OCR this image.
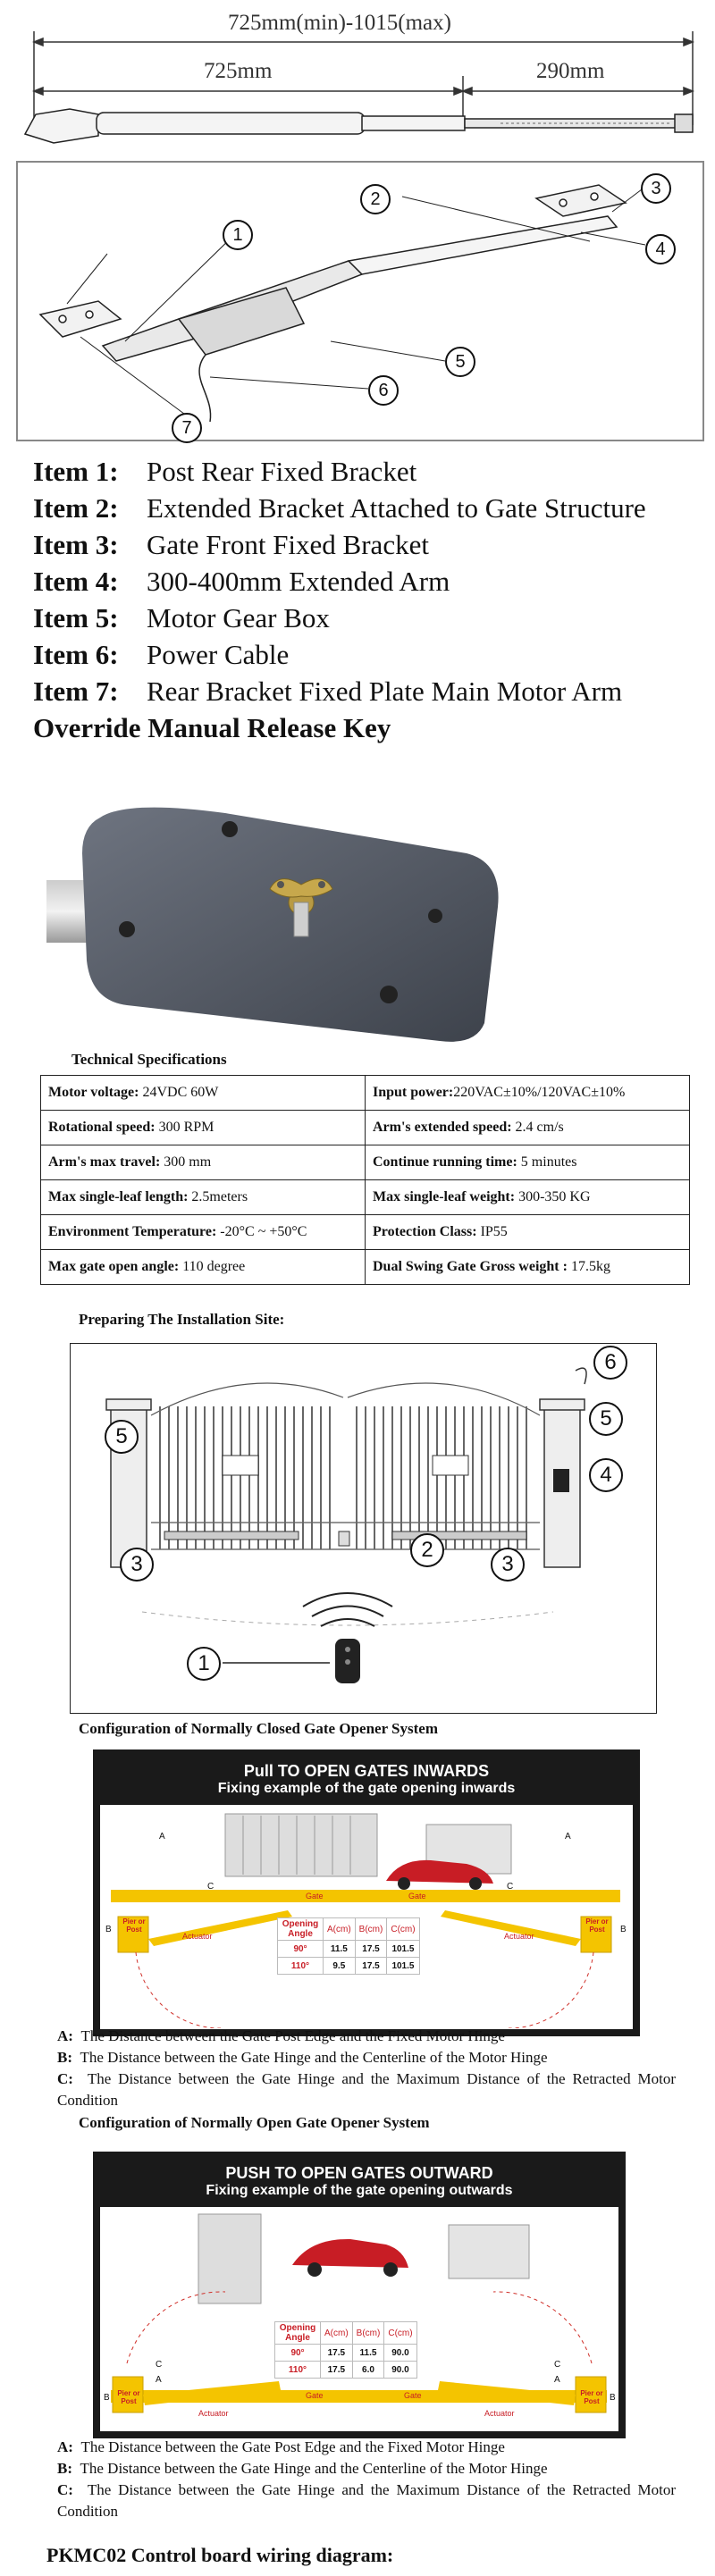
725mm(min)-1015(max)
725mm	290mm
1
2
3
4
5
6
7
Item 1: Post Rear Fixed Bracket
Item 2: Extended Bracket Attached to Gate Structure
Item 3: Gate Front Fixed Bracket
Item 4: 300-400mm Extended Arm
Item 5: Motor Gear Box
Item 6: Power Cable
Item 7: Rear Bracket Fixed Plate Main Motor Arm
Override Manual Release Key
Technical Specifications
Motor voltage: 24VDC 60W	Input power:220VAC±10%/120VAC±10%
Rotational speed: 300 RPM	Arm's extended speed: 2.4 cm/s
Arm's max travel: 300 mm	Continue running time: 5 minutes
Max single-leaf length: 2.5meters	Max single-leaf weight: 300-350 KG
Environment Temperature: -20°C ~ +50°C	Protection Class: IP55
Max gate open angle: 110 degree	Dual Swing Gate Gross weight : 17.5kg
Preparing The Installation Site:
6
5
5
4
3
2
3
1
Configuration of Normally Closed Gate Opener System
Pull TO OPEN GATES INWARDS
Fixing example of the gate opening inwards
A	A
B	B
C	C
Pier or Post
Pier or Post
Actuator	Actuator
Gate	Gate
Opening Angle	A(cm)	B(cm)	C(cm)
90°	11.5	17.5	101.5
110°	9.5	17.5	101.5

A: The Distance between the Gate Post Edge and the Fixed Motor Hinge

B: The Distance between the Gate Hinge and the Centerline of the Motor Hinge

C: The Distance between the Gate Hinge and the Maximum Distance of the Retracted Motor Condition

Configuration of Normally Open Gate Opener System
PUSH TO OPEN GATES OUTWARD
Fixing example of the gate opening outwards
A	A
B	B
C	C
Pier or Post
Pier or Post
Actuator	Actuator
Gate	Gate
Opening Angle	A(cm)	B(cm)	C(cm)
90°	17.5	11.5	90.0
110°	17.5	6.0	90.0

A: The Distance between the Gate Post Edge and the Fixed Motor Hinge

B: The Distance between the Gate Hinge and the Centerline of the Motor Hinge

C: The Distance between the Gate Hinge and the Maximum Distance of the Retracted Motor Condition

PKMC02 Control board wiring diagram:
